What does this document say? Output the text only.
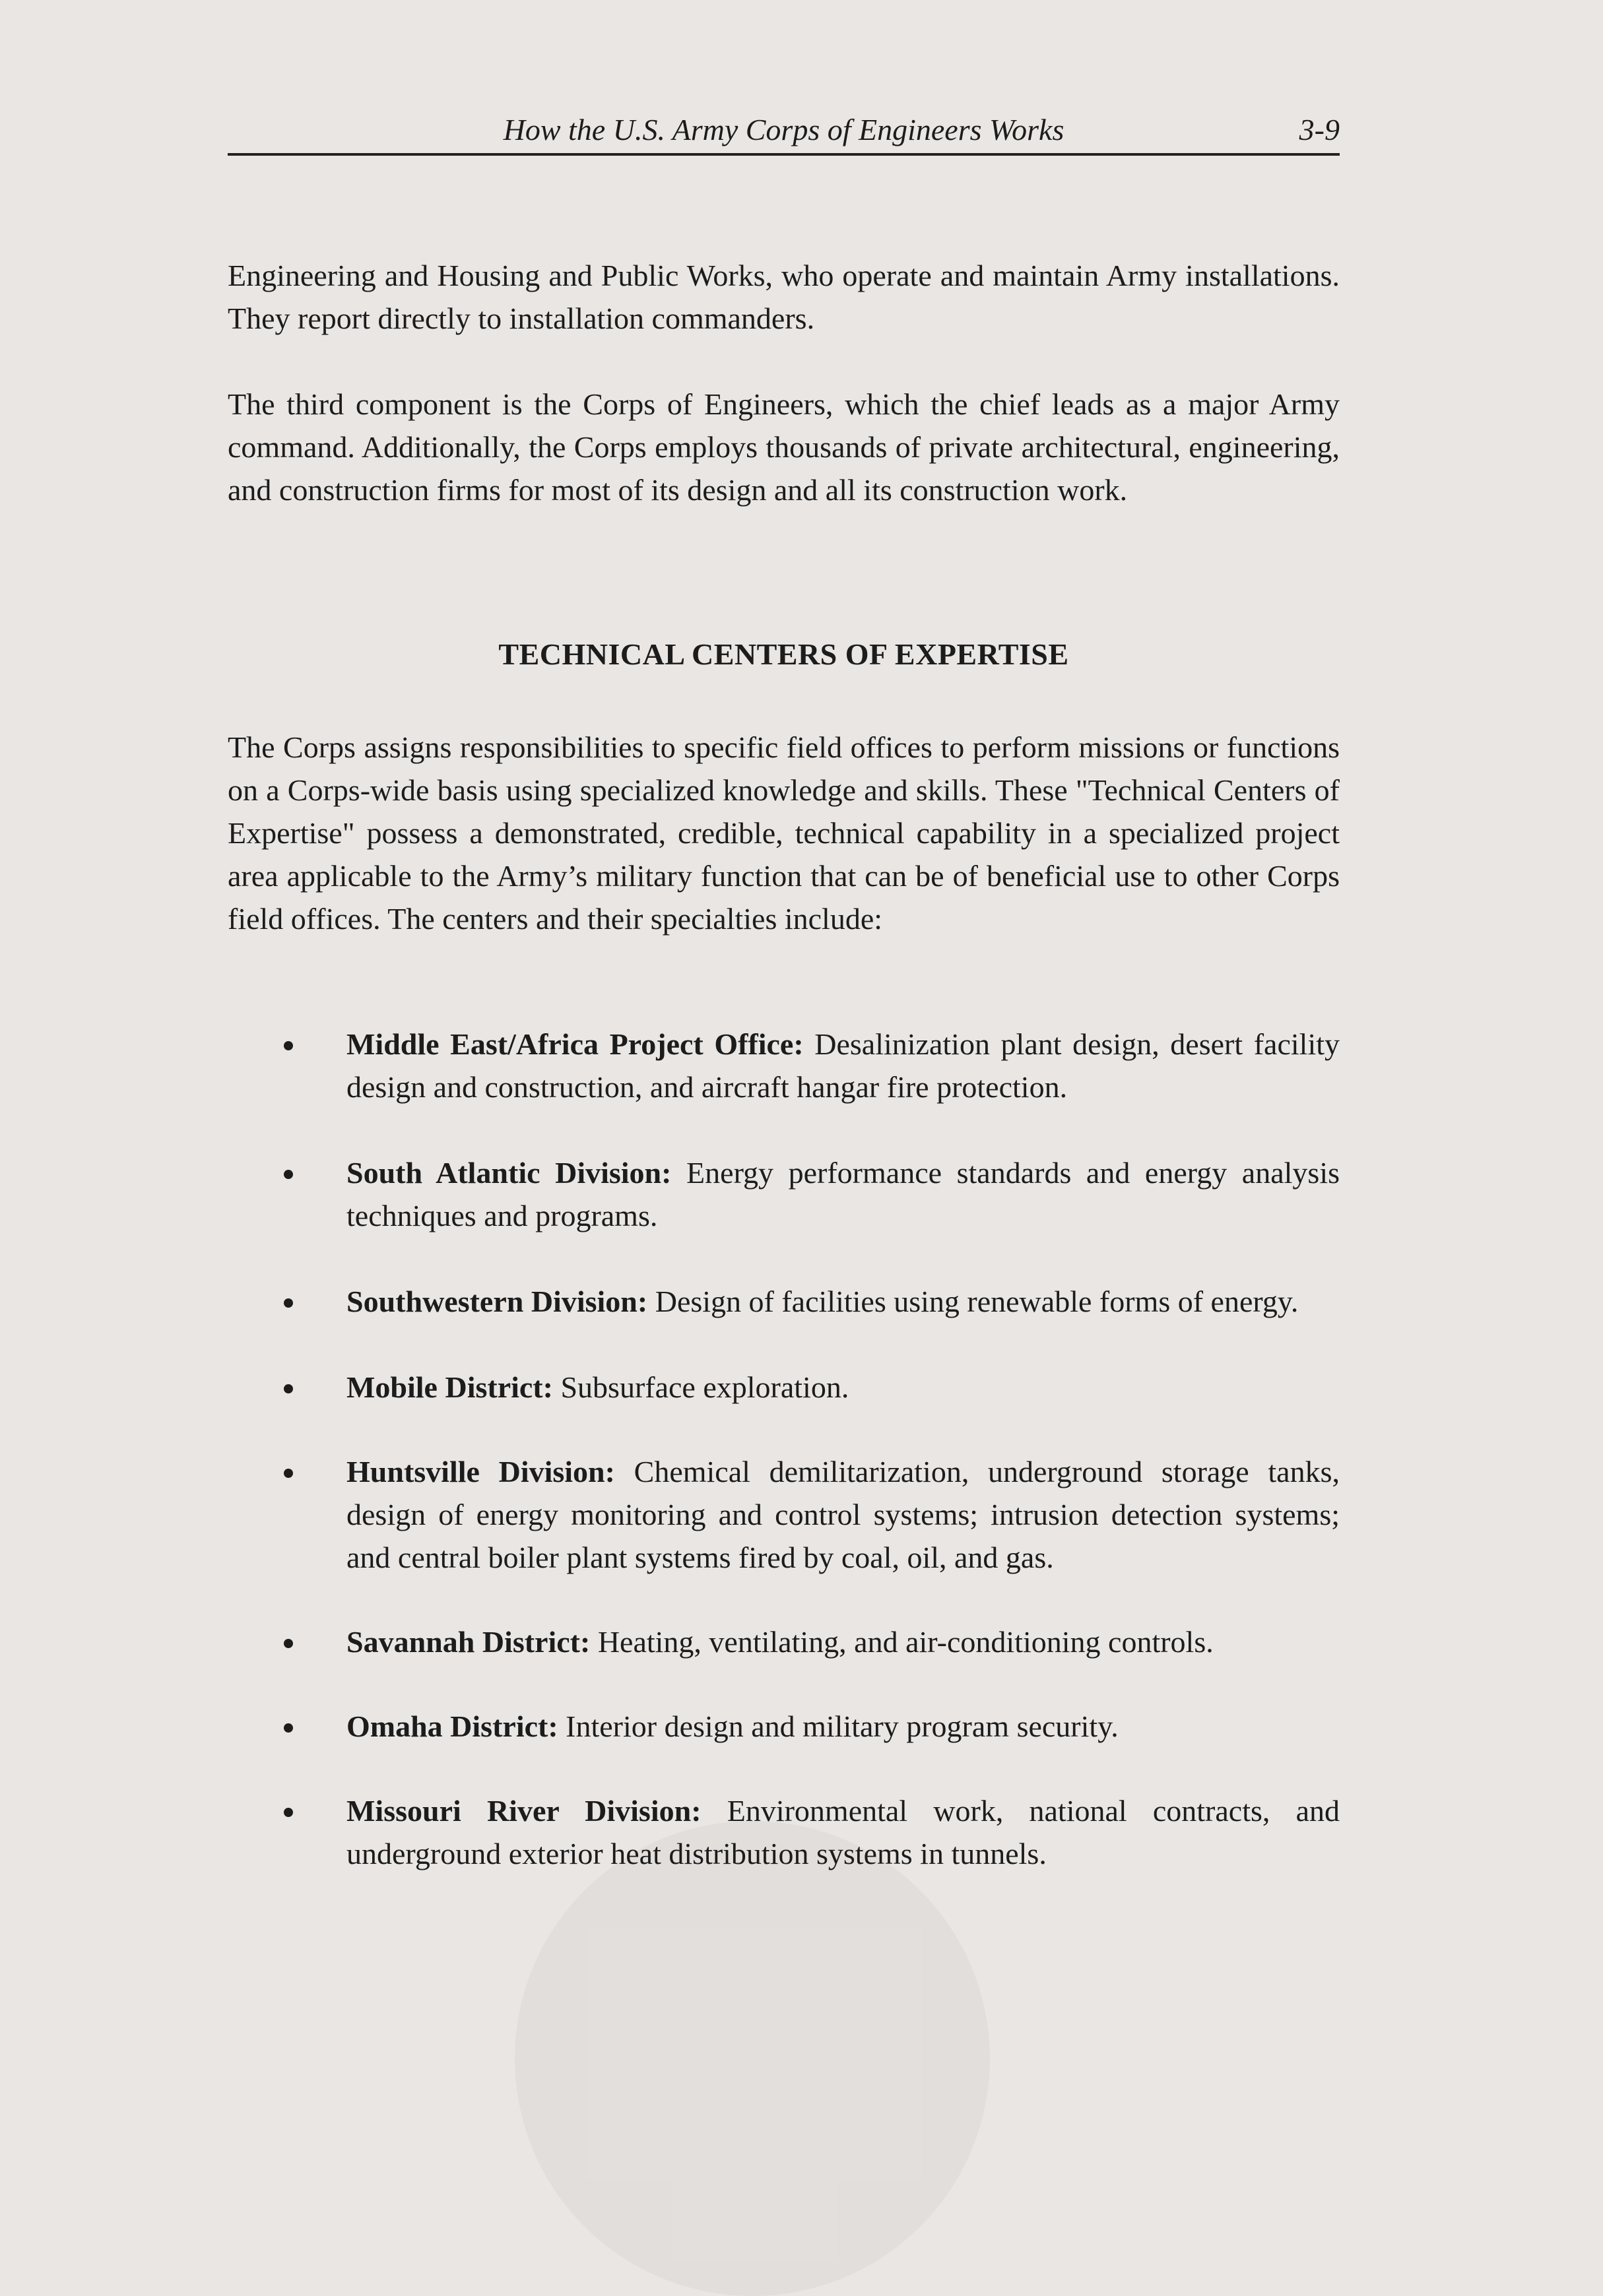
How the U.S. Army Corps of Engineers Works	3-9

Engineering and Housing and Public Works, who operate and maintain Army installations. They report directly to installation commanders.

The third component is the Corps of Engineers, which the chief leads as a major Army command. Additionally, the Corps employs thousands of private architectural, engineering, and construction firms for most of its design and all its construction work.

TECHNICAL CENTERS OF EXPERTISE

The Corps assigns responsibilities to specific field offices to perform missions or functions on a Corps-wide basis using specialized knowledge and skills. These "Technical Centers of Expertise" possess a demonstrated, credible, technical capability in a specialized project area applicable to the Army’s military function that can be of beneficial use to other Corps field offices. The centers and their specialties include:

Middle East/Africa Project Office: Desalinization plant design, desert facility design and construction, and aircraft hangar fire protection.
South Atlantic Division: Energy performance standards and energy analysis techniques and programs.
Southwestern Division: Design of facilities using renewable forms of energy.
Mobile District: Subsurface exploration.
Huntsville Division: Chemical demilitarization, underground storage tanks, design of energy monitoring and control systems; intrusion detection systems; and central boiler plant systems fired by coal, oil, and gas.
Savannah District: Heating, ventilating, and air-conditioning controls.
Omaha District: Interior design and military program security.
Missouri River Division: Environmental work, national contracts, and underground exterior heat distribution systems in tunnels.
